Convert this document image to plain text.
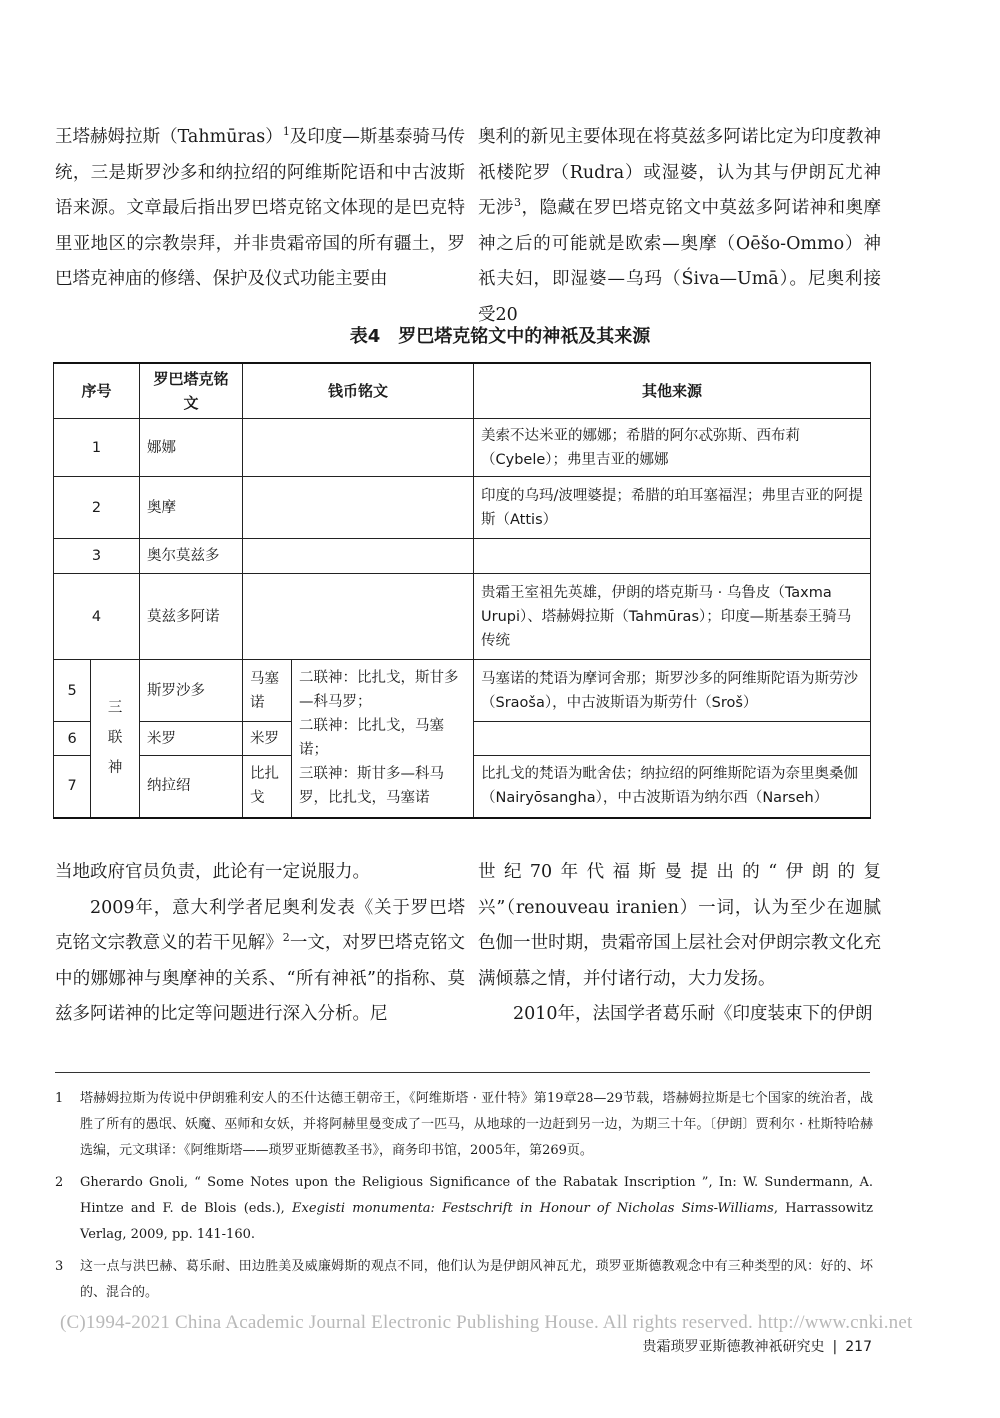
王塔赫姆拉斯（Tahmūras）$^1$及印度—斯基泰骑马传统，三是斯罗沙多和纳拉绍的阿维斯陀语和中古波斯语来源。文章最后指出罗巴塔克铭文体现的是巴克特里亚地区的宗教崇拜，并非贵霜帝国的所有疆土，罗巴塔克神庙的修缮、保护及仪式功能主要由

奥利的新见主要体现在将莫兹多阿诺比定为印度教神祇楼陀罗（Rudra）或湿婆，认为其与伊朗瓦尤神无涉$^3$，隐藏在罗巴塔克铭文中莫兹多阿诺神和奥摩神之后的可能就是欧索—奥摩（Oēšo-Ommo）神祇夫妇，即湿婆—乌玛（Śiva—Umā）。尼奥利接受20

表4　罗巴塔克铭文中的神祇及其来源
序号		罗巴塔克铭文	钱币铭文		其他来源
1		娜娜			美索不达米亚的娜娜；希腊的阿尔忒弥斯、西布莉（Cybele）；弗里吉亚的娜娜
2		奥摩			印度的乌玛/波哩婆提；希腊的珀耳塞福涅；弗里吉亚的阿提斯（Attis）
3		奥尔莫兹多			
4		莫兹多阿诺			贵霜王室祖先英雄，伊朗的塔克斯马 · 乌鲁皮（Taxma Urupi）、塔赫姆拉斯（Tahmūras）；印度—斯基泰王骑马传统
5	三联神	斯罗沙多	马塞诺	二联神：比扎戈，斯甘多—科马罗；
二联神：比扎戈，马塞诺；
三联神：斯甘多—科马罗，比扎戈，马塞诺	马塞诺的梵语为摩诃舍那；斯罗沙多的阿维斯陀语为斯劳沙（Sraoša），中古波斯语为斯劳什（Sroš）
6		米罗	米罗		
7		纳拉绍	比扎戈		比扎戈的梵语为毗舍佉；纳拉绍的阿维斯陀语为奈里奥桑伽（Nairyōsangha），中古波斯语为纳尔西（Narseh）

当地政府官员负责，此论有一定说服力。

2009年，意大利学者尼奥利发表《关于罗巴塔克铭文宗教意义的若干见解》$^2$一文，对罗巴塔克铭文中的娜娜神与奥摩神的关系、“所有神祇”的指称、莫兹多阿诺神的比定等问题进行深入分析。尼

世纪70年代福斯曼提出的“伊朗的复兴”（renouveau iranien）一词，认为至少在迦腻色伽一世时期，贵霜帝国上层社会对伊朗宗教文化充满倾慕之情，并付诸行动，大力发扬。

2010年，法国学者葛乐耐《印度装束下的伊朗

1 塔赫姆拉斯为传说中伊朗雅利安人的丕什达德王朝帝王，《阿维斯塔 · 亚什特》第19章28—29节载，塔赫姆拉斯是七个国家的统治者，战胜了所有的愚氓、妖魔、巫师和女妖，并将阿赫里曼变成了一匹马，从地球的一边赶到另一边，为期三十年。〔伊朗〕贾利尔 · 杜斯特哈赫选编，元文琪译：《阿维斯塔——琐罗亚斯德教圣书》，商务印书馆，2005年，第269页。

2 Gherardo Gnoli, “ Some Notes upon the Religious Significance of the Rabatak Inscription ”, In: W. Sundermann, A. Hintze and F. de Blois (eds.), Exegisti monumenta: Festschrift in Honour of Nicholas Sims-Williams, Harrassowitz Verlag, 2009, pp. 141-160.

3 这一点与洪巴赫、葛乐耐、田边胜美及威廉姆斯的观点不同，他们认为是伊朗风神瓦尤，琐罗亚斯德教观念中有三种类型的风：好的、坏的、混合的。

(C)1994-2021 China Academic Journal Electronic Publishing House. All rights reserved. http://www.cnki.net
贵霜琐罗亚斯德教神祇研究史 | 217
